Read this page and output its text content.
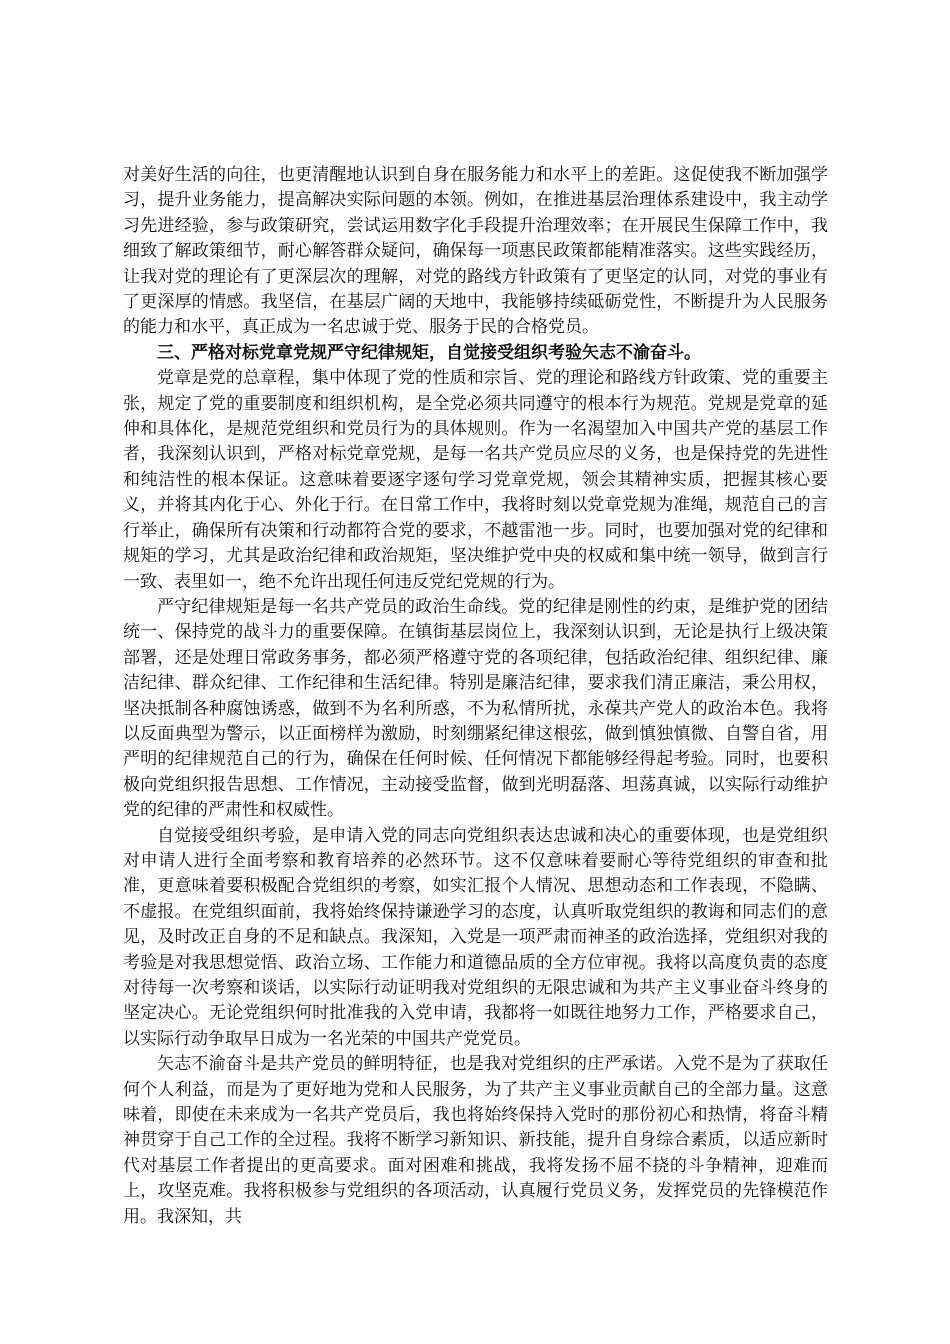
对美好生活的向往，也更清醒地认识到自身在服务能力和水平上的差距。这促使我不断加强学习，提升业务能力，提高解决实际问题的本领。例如，在推进基层治理体系建设中，我主动学习先进经验，参与政策研究，尝试运用数字化手段提升治理效率；在开展民生保障工作中，我细致了解政策细节，耐心解答群众疑问，确保每一项惠民政策都能精准落实。这些实践经历，让我对党的理论有了更深层次的理解，对党的路线方针政策有了更坚定的认同，对党的事业有了更深厚的情感。我坚信，在基层广阔的天地中，我能够持续砥砺党性，不断提升为人民服务的能力和水平，真正成为一名忠诚于党、服务于民的合格党员。

三、严格对标党章党规严守纪律规矩，自觉接受组织考验矢志不渝奋斗。

党章是党的总章程，集中体现了党的性质和宗旨、党的理论和路线方针政策、党的重要主张，规定了党的重要制度和组织机构，是全党必须共同遵守的根本行为规范。党规是党章的延伸和具体化，是规范党组织和党员行为的具体规则。作为一名渴望加入中国共产党的基层工作者，我深刻认识到，严格对标党章党规，是每一名共产党员应尽的义务，也是保持党的先进性和纯洁性的根本保证。这意味着要逐字逐句学习党章党规，领会其精神实质，把握其核心要义，并将其内化于心、外化于行。在日常工作中，我将时刻以党章党规为准绳，规范自己的言行举止，确保所有决策和行动都符合党的要求，不越雷池一步。同时，也要加强对党的纪律和规矩的学习，尤其是政治纪律和政治规矩，坚决维护党中央的权威和集中统一领导，做到言行一致、表里如一，绝不允许出现任何违反党纪党规的行为。

严守纪律规矩是每一名共产党员的政治生命线。党的纪律是刚性的约束，是维护党的团结统一、保持党的战斗力的重要保障。在镇街基层岗位上，我深刻认识到，无论是执行上级决策部署，还是处理日常政务事务，都必须严格遵守党的各项纪律，包括政治纪律、组织纪律、廉洁纪律、群众纪律、工作纪律和生活纪律。特别是廉洁纪律，要求我们清正廉洁，秉公用权，坚决抵制各种腐蚀诱惑，做到不为名利所惑，不为私情所扰，永葆共产党人的政治本色。我将以反面典型为警示，以正面榜样为激励，时刻绷紧纪律这根弦，做到慎独慎微、自警自省，用严明的纪律规范自己的行为，确保在任何时候、任何情况下都能够经得起考验。同时，也要积极向党组织报告思想、工作情况，主动接受监督，做到光明磊落、坦荡真诚，以实际行动维护党的纪律的严肃性和权威性。

自觉接受组织考验，是申请入党的同志向党组织表达忠诚和决心的重要体现，也是党组织对申请人进行全面考察和教育培养的必然环节。这不仅意味着要耐心等待党组织的审查和批准，更意味着要积极配合党组织的考察，如实汇报个人情况、思想动态和工作表现，不隐瞒、不虚报。在党组织面前，我将始终保持谦逊学习的态度，认真听取党组织的教诲和同志们的意见，及时改正自身的不足和缺点。我深知，入党是一项严肃而神圣的政治选择，党组织对我的考验是对我思想觉悟、政治立场、工作能力和道德品质的全方位审视。我将以高度负责的态度对待每一次考察和谈话，以实际行动证明我对党组织的无限忠诚和为共产主义事业奋斗终身的坚定决心。无论党组织何时批准我的入党申请，我都将一如既往地努力工作，严格要求自己，以实际行动争取早日成为一名光荣的中国共产党党员。

矢志不渝奋斗是共产党员的鲜明特征，也是我对党组织的庄严承诺。入党不是为了获取任何个人利益，而是为了更好地为党和人民服务，为了共产主义事业贡献自己的全部力量。这意味着，即使在未来成为一名共产党员后，我也将始终保持入党时的那份初心和热情，将奋斗精神贯穿于自己工作的全过程。我将不断学习新知识、新技能，提升自身综合素质，以适应新时代对基层工作者提出的更高要求。面对困难和挑战，我将发扬不屈不挠的斗争精神，迎难而上，攻坚克难。我将积极参与党组织的各项活动，认真履行党员义务，发挥党员的先锋模范作用。我深知，共
